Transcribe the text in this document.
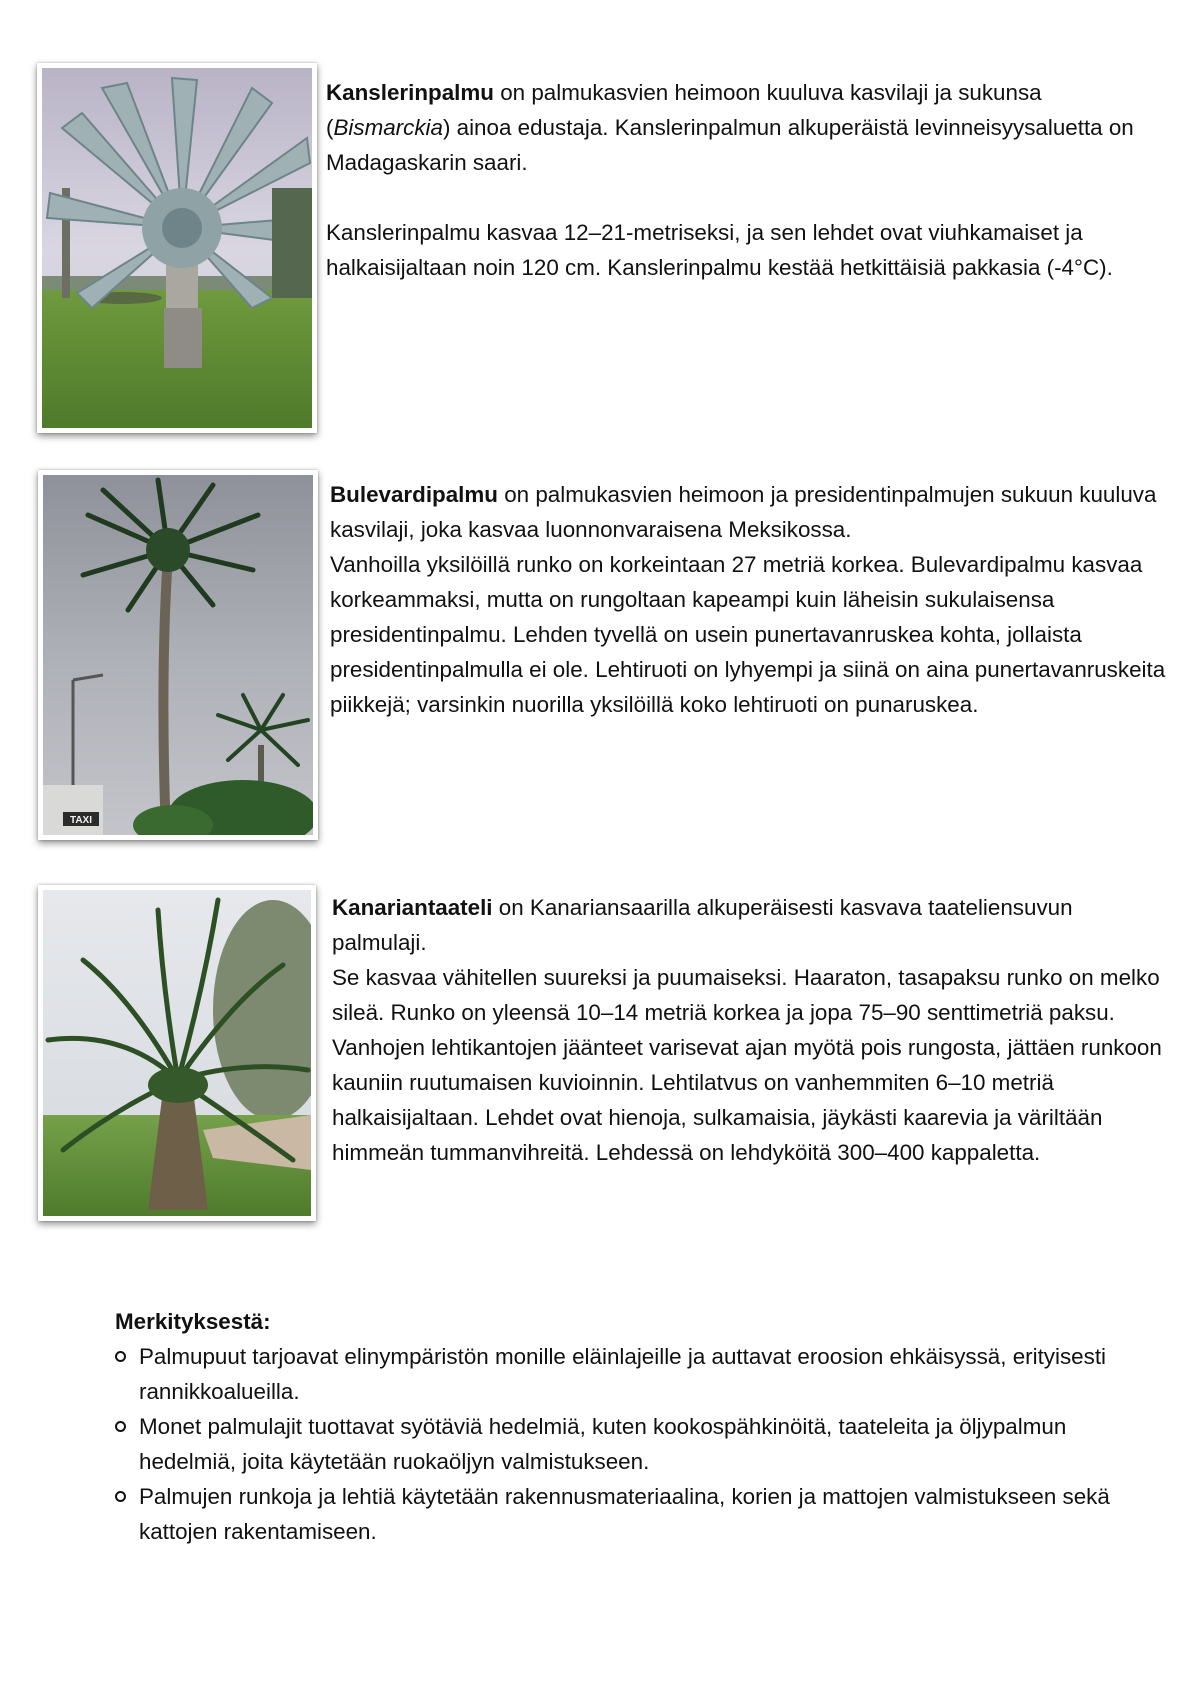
Kanslerinpalmu on palmukasvien heimoon kuuluva kasvilaji ja sukunsa (Bismarckia) ainoa edustaja. Kanslerinpalmun alkuperäistä levinneisyysaluetta on Madagaskarin saari.

Kanslerinpalmu kasvaa 12–21-metriseksi, ja sen lehdet ovat viuhkamaiset ja halkaisijaltaan noin 120 cm. Kanslerinpalmu kestää hetkittäisiä pakkasia (-4°C).

TAXI

Bulevardipalmu on palmukasvien heimoon ja presidentinpalmujen sukuun kuuluva kasvilaji, joka kasvaa luonnonvaraisena Meksikossa.

Vanhoilla yksilöillä runko on korkeintaan 27 metriä korkea. Bulevardipalmu kasvaa korkeammaksi, mutta on rungoltaan kapeampi kuin läheisin sukulaisensa presidentinpalmu. Lehden tyvellä on usein punertavanruskea kohta, jollaista presidentinpalmulla ei ole. Lehtiruoti on lyhyempi ja siinä on aina punertavanruskeita piikkejä; varsinkin nuorilla yksilöillä koko lehtiruoti on punaruskea.

Kanariantaateli on Kanariansaarilla alkuperäisesti kasvava taateliensuvun palmulaji.

Se kasvaa vähitellen suureksi ja puumaiseksi. Haaraton, tasapaksu runko on melko sileä. Runko on yleensä 10–14 metriä korkea ja jopa 75–90 senttimetriä paksu. Vanhojen lehtikantojen jäänteet varisevat ajan myötä pois rungosta, jättäen runkoon kauniin ruutumaisen kuvioinnin. Lehtilatvus on vanhemmiten 6–10 metriä halkaisijaltaan. Lehdet ovat hienoja, sulkamaisia, jäykästi kaarevia ja väriltään himmeän tummanvihreitä. Lehdessä on lehdyköitä 300–400 kappaletta.

Merkityksestä:

Palmupuut tarjoavat elinympäristön monille eläinlajeille ja auttavat eroosion ehkäisyssä, erityisesti rannikkoalueilla.
Monet palmulajit tuottavat syötäviä hedelmiä, kuten kookospähkinöitä, taateleita ja öljypalmun hedelmiä, joita käytetään ruokaöljyn valmistukseen.
Palmujen runkoja ja lehtiä käytetään rakennusmateriaalina, korien ja mattojen valmistukseen sekä kattojen rakentamiseen.
